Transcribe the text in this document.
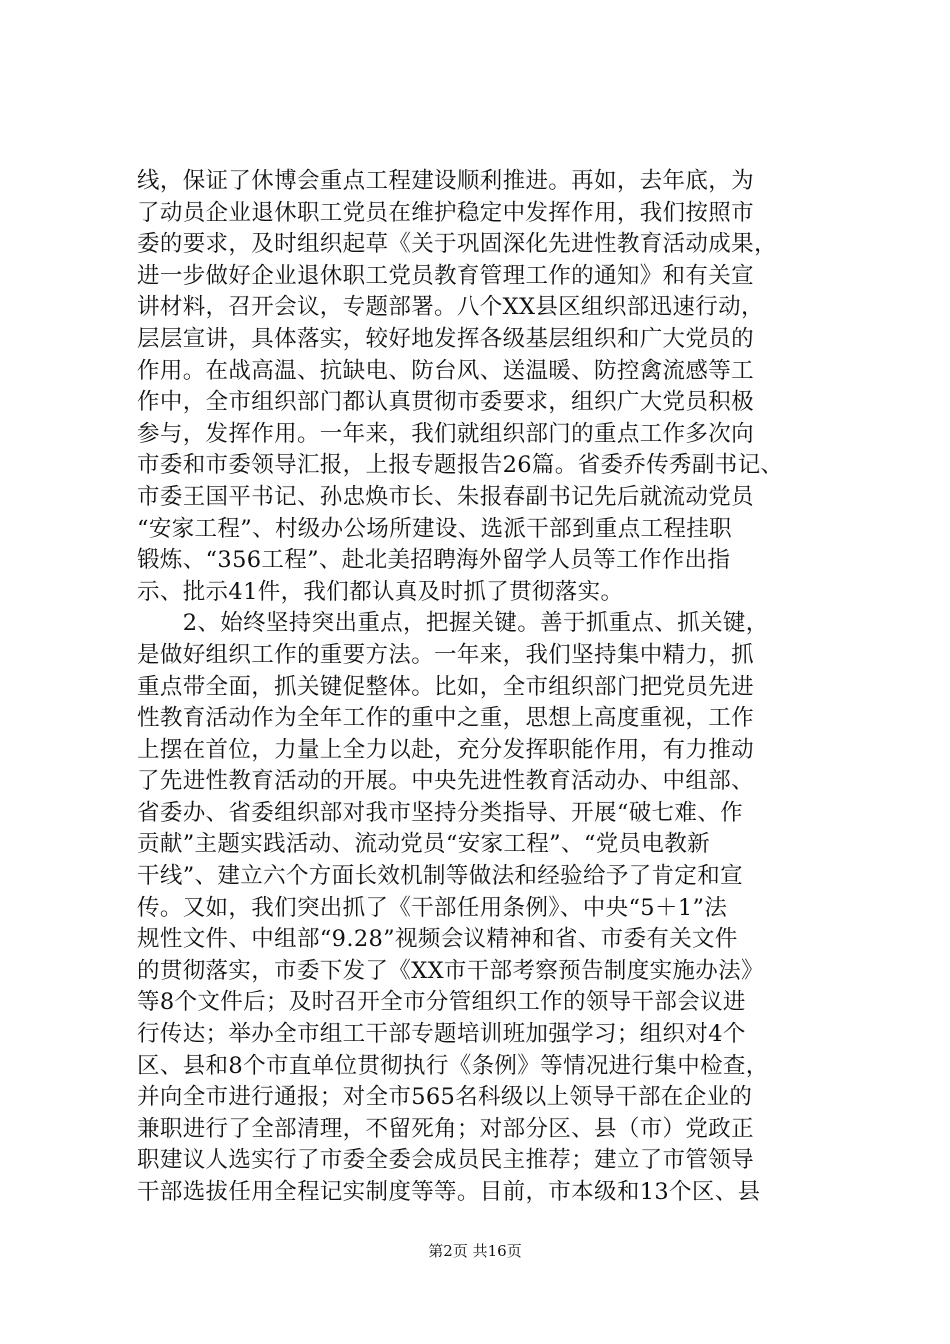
线，保证了休博会重点工程建设顺利推进。再如，去年底，为
了动员企业退休职工党员在维护稳定中发挥作用，我们按照市
委的要求，及时组织起草《关于巩固深化先进性教育活动成果，
进一步做好企业退休职工党员教育管理工作的通知》和有关宣
讲材料，召开会议，专题部署。八个XX县区组织部迅速行动，
层层宣讲，具体落实，较好地发挥各级基层组织和广大党员的
作用。在战高温、抗缺电、防台风、送温暖、防控禽流感等工
作中，全市组织部门都认真贯彻市委要求，组织广大党员积极
参与，发挥作用。一年来，我们就组织部门的重点工作多次向
市委和市委领导汇报，上报专题报告26篇。省委乔传秀副书记、
市委王国平书记、孙忠焕市长、朱报春副书记先后就流动党员
“安家工程”、村级办公场所建设、选派干部到重点工程挂职
锻炼、“356工程”、赴北美招聘海外留学人员等工作作出指
示、批示41件，我们都认真及时抓了贯彻落实。
　　2、始终坚持突出重点，把握关键。善于抓重点、抓关键，
是做好组织工作的重要方法。一年来，我们坚持集中精力，抓
重点带全面，抓关键促整体。比如，全市组织部门把党员先进
性教育活动作为全年工作的重中之重，思想上高度重视，工作
上摆在首位，力量上全力以赴，充分发挥职能作用，有力推动
了先进性教育活动的开展。中央先进性教育活动办、中组部、
省委办、省委组织部对我市坚持分类指导、开展“破七难、作
贡献”主题实践活动、流动党员“安家工程”、“党员电教新
干线”、建立六个方面长效机制等做法和经验给予了肯定和宣
传。又如，我们突出抓了《干部任用条例》、中央“5＋1”法
规性文件、中组部“9.28”视频会议精神和省、市委有关文件
的贯彻落实，市委下发了《XX市干部考察预告制度实施办法》
等8个文件后；及时召开全市分管组织工作的领导干部会议进
行传达；举办全市组工干部专题培训班加强学习；组织对4个
区、县和8个市直单位贯彻执行《条例》等情况进行集中检查，
并向全市进行通报；对全市565名科级以上领导干部在企业的
兼职进行了全部清理，不留死角；对部分区、县（市）党政正
职建议人选实行了市委全委会成员民主推荐；建立了市管领导
干部选拔任用全程记实制度等等。目前，市本级和13个区、县
第2页 共16页
